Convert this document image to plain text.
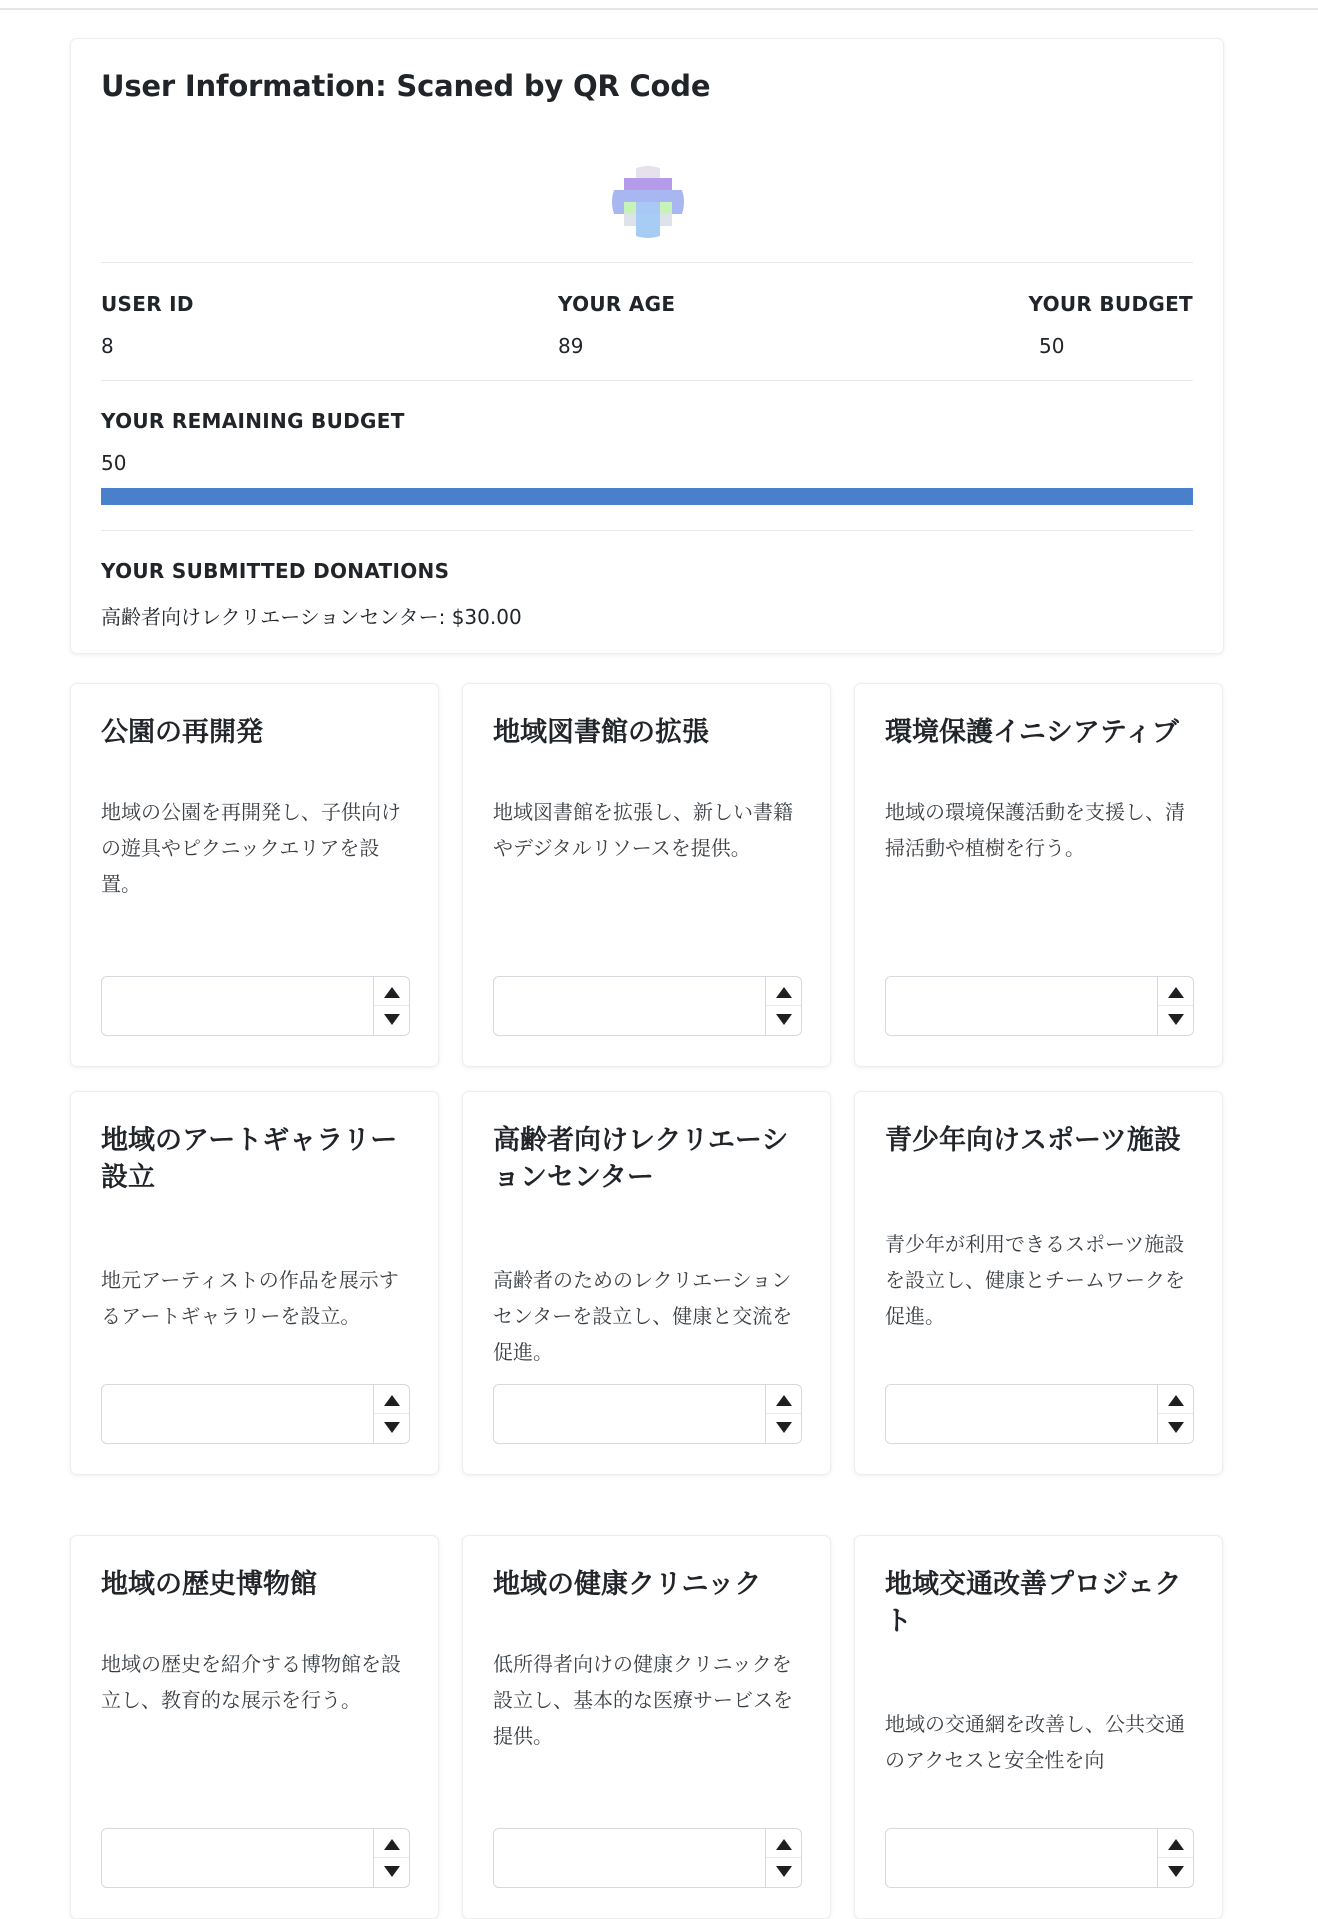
User Information: Scaned by QR Code
USER ID
8
YOUR AGE
89
YOUR BUDGET
50
YOUR REMAINING BUDGET
50
YOUR SUBMITTED DONATIONS
高齢者向けレクリエーションセンター: $30.00
公園の再開発
地域の公園を再開発し、子供向けの遊具やピクニックエリアを設置。
地域図書館の拡張
地域図書館を拡張し、新しい書籍やデジタルリソースを提供。
環境保護イニシアティブ
地域の環境保護活動を支援し、清掃活動や植樹を行う。
地域のアートギャラリー設立
地元アーティストの作品を展示するアートギャラリーを設立。
高齢者向けレクリエーションセンター
高齢者のためのレクリエーションセンターを設立し、健康と交流を促進。
青少年向けスポーツ施設
青少年が利用できるスポーツ施設を設立し、健康とチームワークを促進。
地域の歴史博物館
地域の歴史を紹介する博物館を設立し、教育的な展示を行う。
地域の健康クリニック
低所得者向けの健康クリニックを設立し、基本的な医療サービスを提供。
地域交通改善プロジェクト
地域の交通網を改善し、公共交通のアクセスと安全性を向
